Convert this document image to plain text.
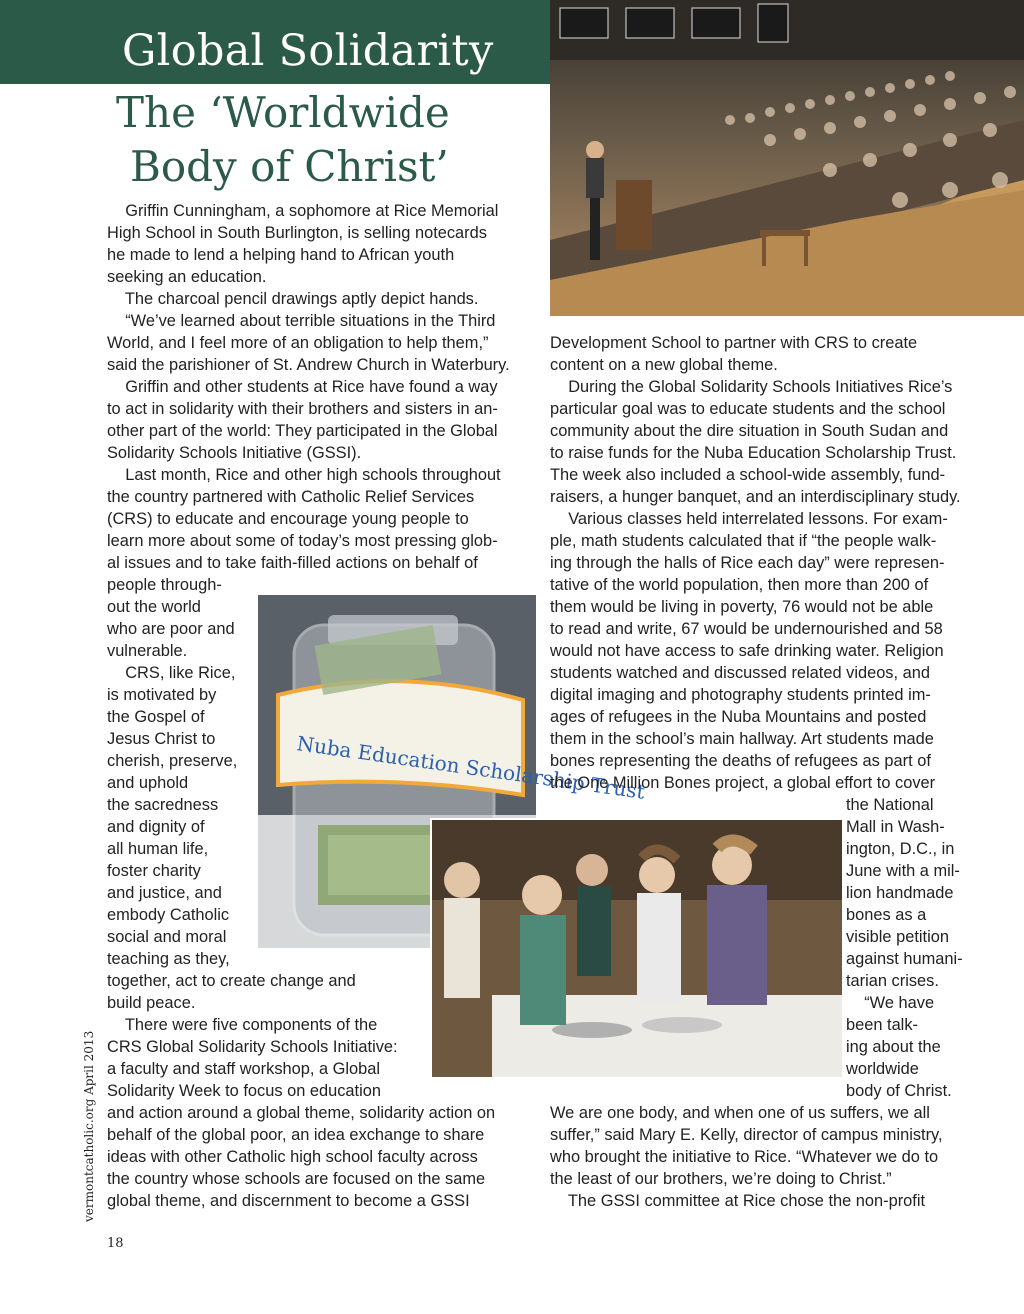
Global Solidarity
The ‘Worldwide
Body of Christ’
Nuba Education Scholarship Trust
Griffin Cunningham, a sophomore at Rice Memorial
High School in South Burlington, is selling notecards
he made to lend a helping hand to African youth
seeking an education.
The charcoal pencil drawings aptly depict hands.
“We’ve learned about terrible situations in the Third
World, and I feel more of an obligation to help them,”
said the parishioner of St. Andrew Church in Waterbury.
Griffin and other students at Rice have found a way
to act in solidarity with their brothers and sisters in an-
other part of the world: They participated in the Global
Solidarity Schools Initiative (GSSI).
Last month, Rice and other high schools throughout
the country partnered with Catholic Relief Services
(CRS) to educate and encourage young people to
learn more about some of today’s most pressing glob-
al issues and to take faith-filled actions on behalf of
people through-
out the world
who are poor and
vulnerable.
CRS, like Rice,
is motivated by
the Gospel of
Jesus Christ to
cherish, preserve,
and uphold
the sacredness
and dignity of
all human life,
foster charity
and justice, and
embody Catholic
social and moral
teaching as they,
together, act to create change and
build peace.
There were five components of the
CRS Global Solidarity Schools Initiative:
a faculty and staff workshop, a Global
Solidarity Week to focus on education
and action around a global theme, solidarity action on
behalf of the global poor, an idea exchange to share
ideas with other Catholic high school faculty across
the country whose schools are focused on the same
global theme, and discernment to become a GSSI
Development School to partner with CRS to create
content on a new global theme.
During the Global Solidarity Schools Initiatives Rice’s
particular goal was to educate students and the school
community about the dire situation in South Sudan and
to raise funds for the Nuba Education Scholarship Trust.
The week also included a school-wide assembly, fund-
raisers, a hunger banquet, and an interdisciplinary study.
Various classes held interrelated lessons. For exam-
ple, math students calculated that if “the people walk-
ing through the halls of Rice each day” were represen-
tative of the world population, then more than 200 of
them would be living in poverty, 76 would not be able
to read and write, 67 would be undernourished and 58
would not have access to safe drinking water. Religion
students watched and discussed related videos, and
digital imaging and photography students printed im-
ages of refugees in the Nuba Mountains and posted
them in the school’s main hallway. Art students made
bones representing the deaths of refugees as part of
the One Million Bones project, a global effort to cover
the National
Mall in Wash-
ington, D.C., in
June with a mil-
lion handmade
bones as a
visible petition
against humani-
tarian crises.
“We have
been talk-
ing about the
worldwide
body of Christ.
We are one body, and when one of us suffers, we all
suffer,” said Mary E. Kelly, director of campus ministry,
who brought the initiative to Rice. “Whatever we do to
the least of our brothers, we’re doing to Christ.”
The GSSI committee at Rice chose the non-profit
vermontcatholic.org April 2013
18
